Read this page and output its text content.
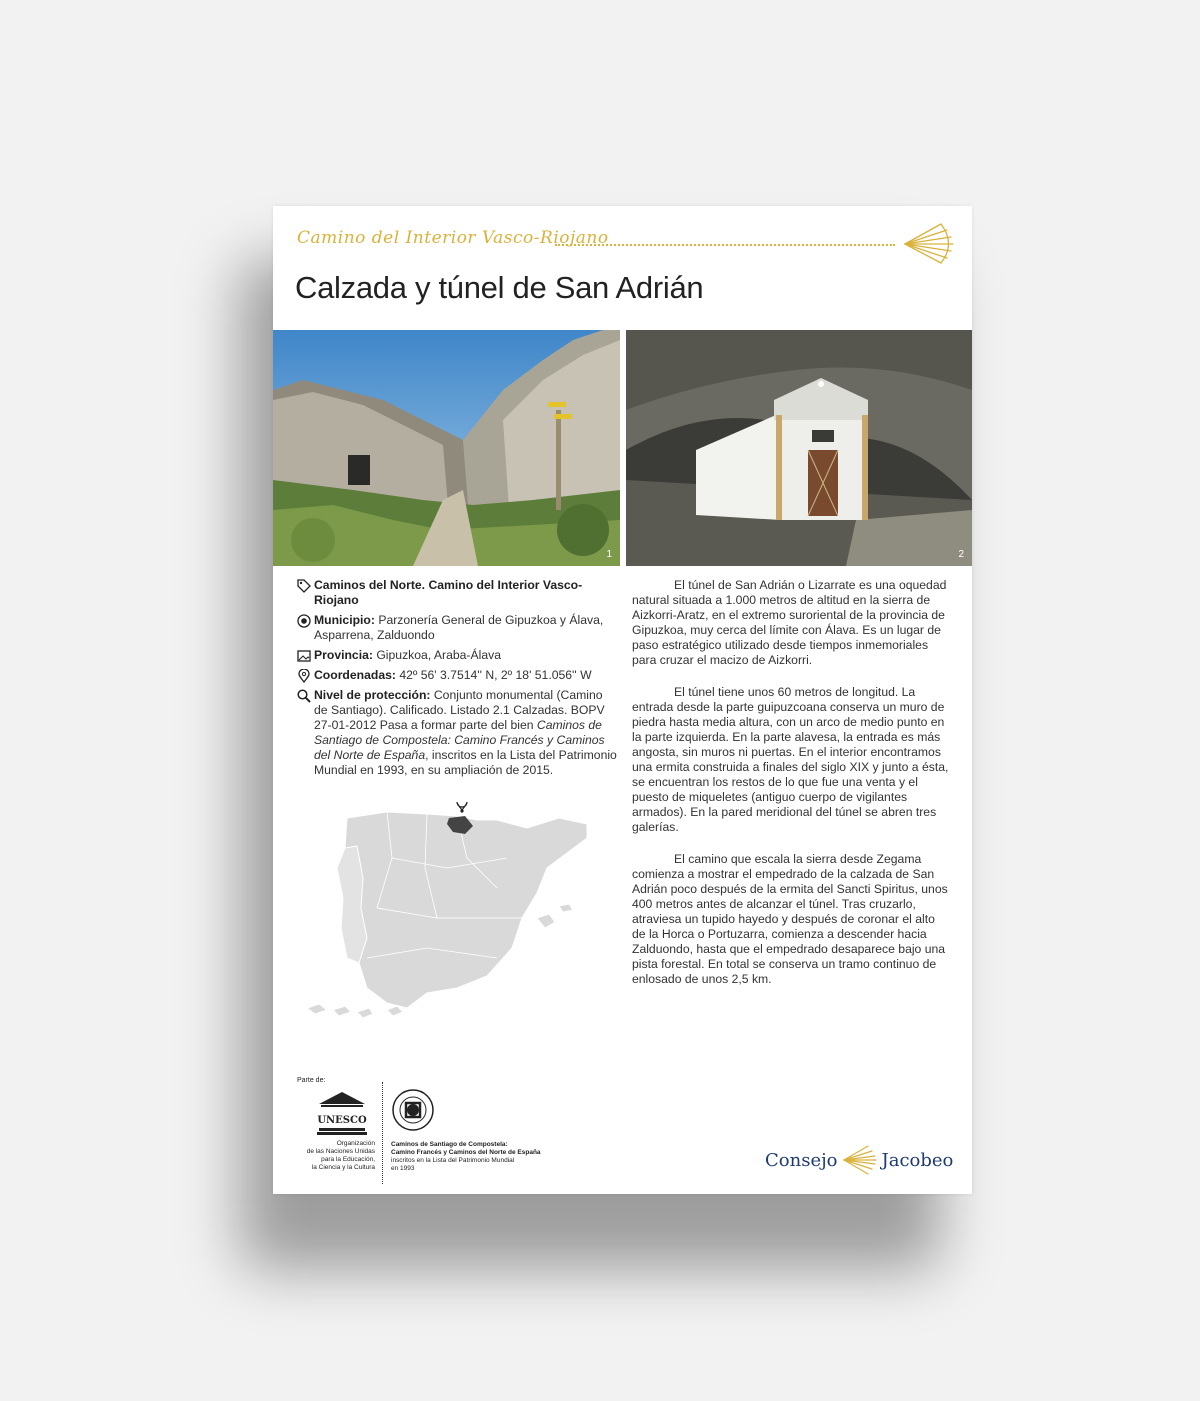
Camino del Interior Vasco-Riojano
Calzada y túnel de San Adrián
1	2
Caminos del Norte. Camino del Interior Vasco-Riojano
Municipio: Parzonería General de Gipuzkoa y Álava, Asparrena, Zalduondo
Provincia: Gipuzkoa, Araba-Álava
Coordenadas: 42º 56' 3.7514'' N, 2º 18' 51.056'' W
Nivel de protección: Conjunto monumental (Camino de Santiago). Calificado. Listado 2.1 Calzadas. BOPV 27-01-2012 Pasa a formar parte del bien Caminos de Santiago de Compostela: Camino Francés y Caminos del Norte de España, inscritos en la Lista del Patrimonio Mundial en 1993, en su ampliación de 2015.

El túnel de San Adrián o Lizarrate es una oquedad natural situada a 1.000 metros de altitud en la sierra de Aizkorri-Aratz, en el extremo suroriental de la provincia de Gipuzkoa, muy cerca del límite con Álava. Es un lugar de paso estratégico utilizado desde tiempos inmemoriales para cruzar el macizo de Aizkorri.

El túnel tiene unos 60 metros de longitud. La entrada desde la parte guipuzcoana conserva un muro de piedra hasta media altura, con un arco de medio punto en la parte izquierda. En la parte alavesa, la entrada es más angosta, sin muros ni puertas. En el interior encontramos una ermita construida a finales del siglo XIX y junto a ésta, se encuentran los restos de lo que fue una venta y el puesto de miqueletes (antiguo cuerpo de vigilantes armados). En la pared meridional del túnel se abren tres galerías.

El camino que escala la sierra desde Zegama comienza a mostrar el empedrado de la calzada de San Adrián poco después de la ermita del Sancti Spiritus, unos 400 metros antes de alcanzar el túnel. Tras cruzarlo, atraviesa un tupido hayedo y después de coronar el alto de la Horca o Portuzarra, comienza a descender hacia Zalduondo, hasta que el empedrado desaparece bajo una pista forestal. En total se conserva un tramo continuo de enlosado de unos 2,5 km.

Parte de:
UNESCO
Organización
de las Naciones Unidas
para la Educación,
la Ciencia y la Cultura
Caminos de Santiago de Compostela:
Camino Francés y Caminos del Norte de España
inscritos en la Lista del Patrimonio Mundial
en 1993	Consejo Jacobeo
